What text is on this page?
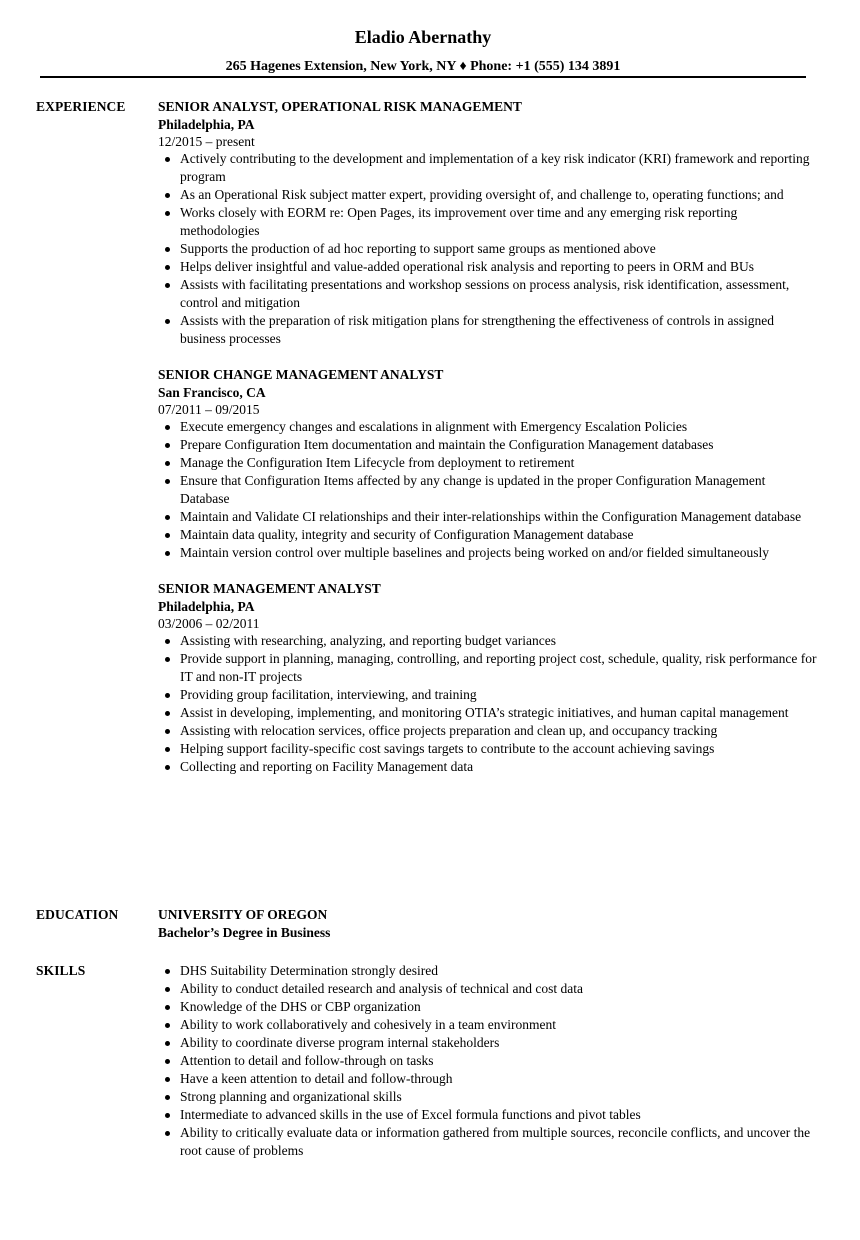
Eladio Abernathy
265 Hagenes Extension, New York, NY ♦ Phone: +1 (555) 134 3891
EXPERIENCE SENIOR ANALYST, OPERATIONAL RISK MANAGEMENT
Philadelphia, PA
12/2015 – present
Actively contributing to the development and implementation of a key risk indicator (KRI) framework and reporting program
As an Operational Risk subject matter expert, providing oversight of, and challenge to, operating functions; and
Works closely with EORM re: Open Pages, its improvement over time and any emerging risk reporting methodologies
Supports the production of ad hoc reporting to support same groups as mentioned above
Helps deliver insightful and value-added operational risk analysis and reporting to peers in ORM and BUs
Assists with facilitating presentations and workshop sessions on process analysis, risk identification, assessment, control and mitigation
Assists with the preparation of risk mitigation plans for strengthening the effectiveness of controls in assigned business processes
SENIOR CHANGE MANAGEMENT ANALYST
San Francisco, CA
07/2011 – 09/2015
Execute emergency changes and escalations in alignment with Emergency Escalation Policies
Prepare Configuration Item documentation and maintain the Configuration Management databases
Manage the Configuration Item Lifecycle from deployment to retirement
Ensure that Configuration Items affected by any change is updated in the proper Configuration Management Database
Maintain and Validate CI relationships and their inter-relationships within the Configuration Management database
Maintain data quality, integrity and security of Configuration Management database
Maintain version control over multiple baselines and projects being worked on and/or fielded simultaneously
SENIOR MANAGEMENT ANALYST
Philadelphia, PA
03/2006 – 02/2011
Assisting with researching, analyzing, and reporting budget variances
Provide support in planning, managing, controlling, and reporting project cost, schedule, quality, risk performance for IT and non-IT projects
Providing group facilitation, interviewing, and training
Assist in developing, implementing, and monitoring OTIA’s strategic initiatives, and human capital management
Assisting with relocation services, office projects preparation and clean up, and occupancy tracking
Helping support facility-specific cost savings targets to contribute to the account achieving savings
Collecting and reporting on Facility Management data
EDUCATION	UNIVERSITY OF OREGON
Bachelor’s Degree in Business
SKILLS	DHS Suitability Determination strongly desired
Ability to conduct detailed research and analysis of technical and cost data
Knowledge of the DHS or CBP organization
Ability to work collaboratively and cohesively in a team environment
Ability to coordinate diverse program internal stakeholders
Attention to detail and follow-through on tasks
Have a keen attention to detail and follow-through
Strong planning and organizational skills
Intermediate to advanced skills in the use of Excel formula functions and pivot tables
Ability to critically evaluate data or information gathered from multiple sources, reconcile conflicts, and uncover the root cause of problems
